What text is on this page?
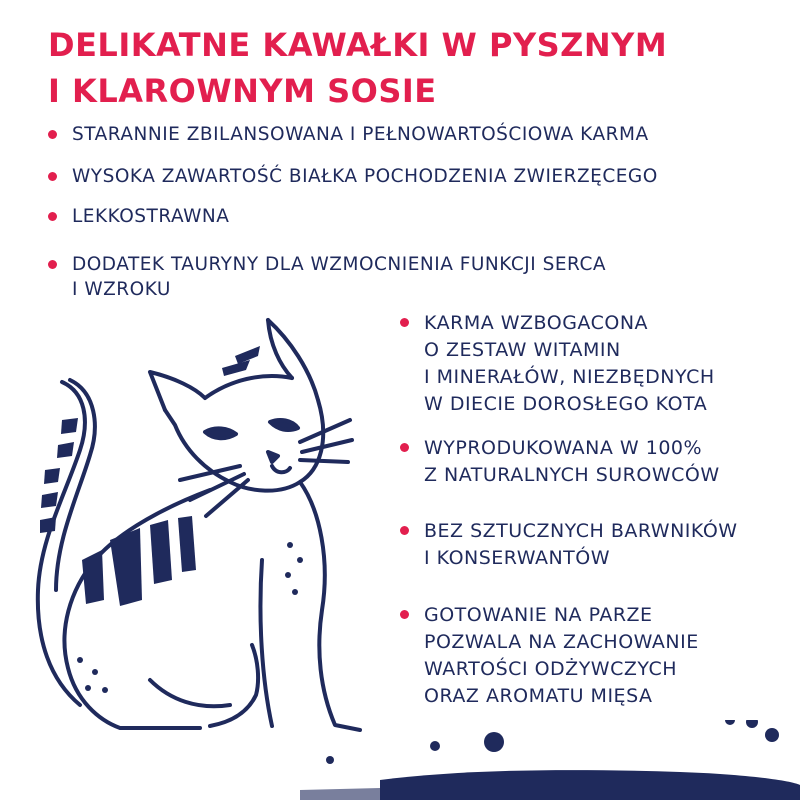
DELIKATNE KAWAŁKI W PYSZNYM
I KLAROWNYM SOSIE
STARANNIE ZBILANSOWANA I PEŁNOWARTOŚCIOWA KARMA
WYSOKA ZAWARTOŚĆ BIAŁKA POCHODZENIA ZWIERZĘCEGO
LEKKOSTRAWNA
DODATEK TAURYNY DLA WZMOCNIENIA FUNKCJI SERCA
I WZROKU
KARMA WZBOGACONA
O ZESTAW WITAMIN
I MINERAŁÓW, NIEZBĘDNYCH
W DIECIE DOROSŁEGO KOTA
WYPRODUKOWANA W 100%
Z NATURALNYCH SUROWCÓW
BEZ SZTUCZNYCH BARWNIKÓW
I KONSERWANTÓW
GOTOWANIE NA PARZE
POZWALA NA ZACHOWANIE
WARTOŚCI ODŻYWCZYCH
ORAZ AROMATU MIĘSA
